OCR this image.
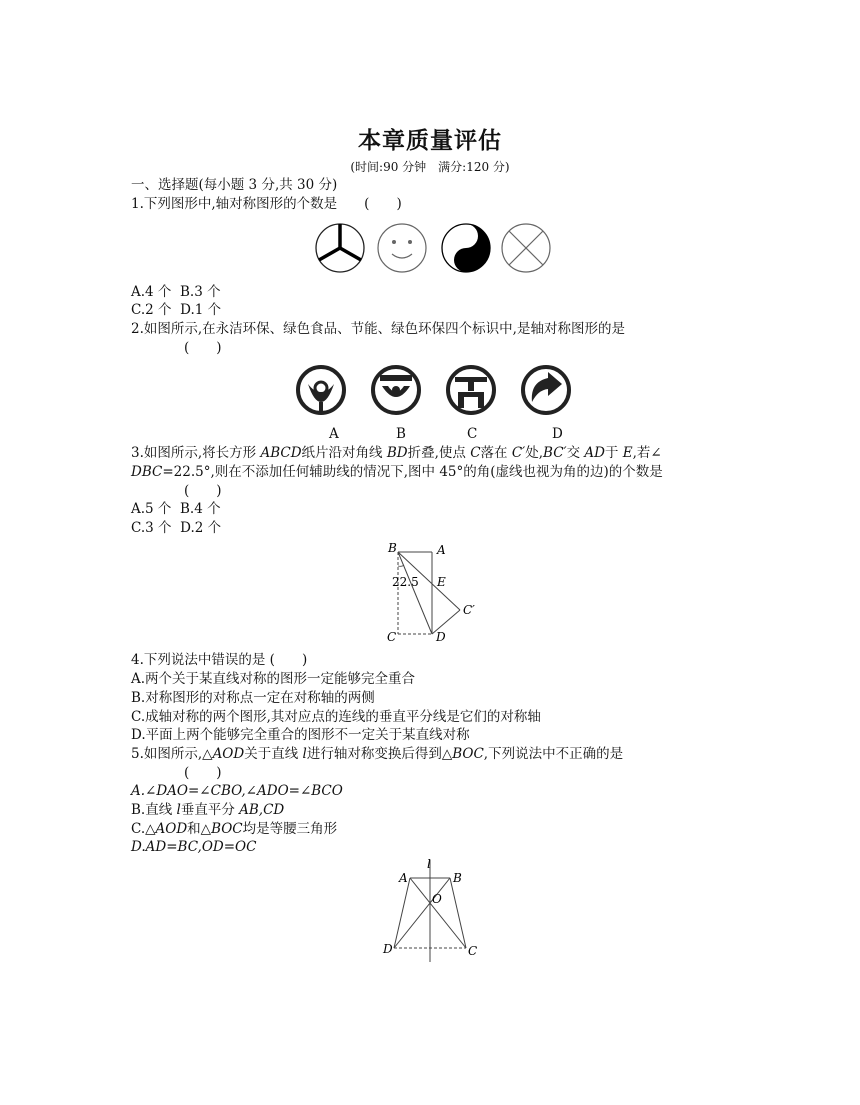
本章质量评估
(时间:90 分钟　满分:120 分)
一、选择题(每小题 3 分,共 30 分)
1.下列图形中,轴对称图形的个数是　　(　　)
A.4 个 B.3 个
C.2 个 D.1 个
2.如图所示,在永洁环保、绿色食品、节能、绿色环保四个标识中,是轴对称图形的是
(　　)
A	B	C	D
3.如图所示,将长方形 ABCD纸片沿对角线 BD折叠,使点 C落在 C′处,BC′交 AD于 E,若∠
DBC=22.5°,则在不添加任何辅助线的情况下,图中 45°的角(虚线也视为角的边)的个数是
(　　)
A.5 个 B.4 个
C.3 个 D.2 个
B	A
22.5 E
C′
C	D
4.下列说法中错误的是 (　　)
A.两个关于某直线对称的图形一定能够完全重合
B.对称图形的对称点一定在对称轴的两侧
C.成轴对称的两个图形,其对应点的连线的垂直平分线是它们的对称轴
D.平面上两个能够完全重合的图形不一定关于某直线对称
5.如图所示,△AOD关于直线 l进行轴对称变换后得到△BOC,下列说法中不正确的是
(　　)
A.∠DAO=∠CBO,∠ADO=∠BCO
B.直线 l垂直平分 AB,CD
C.△AOD和△BOC均是等腰三角形
D.AD=BC,OD=OC
l
A	B
O
D	C
